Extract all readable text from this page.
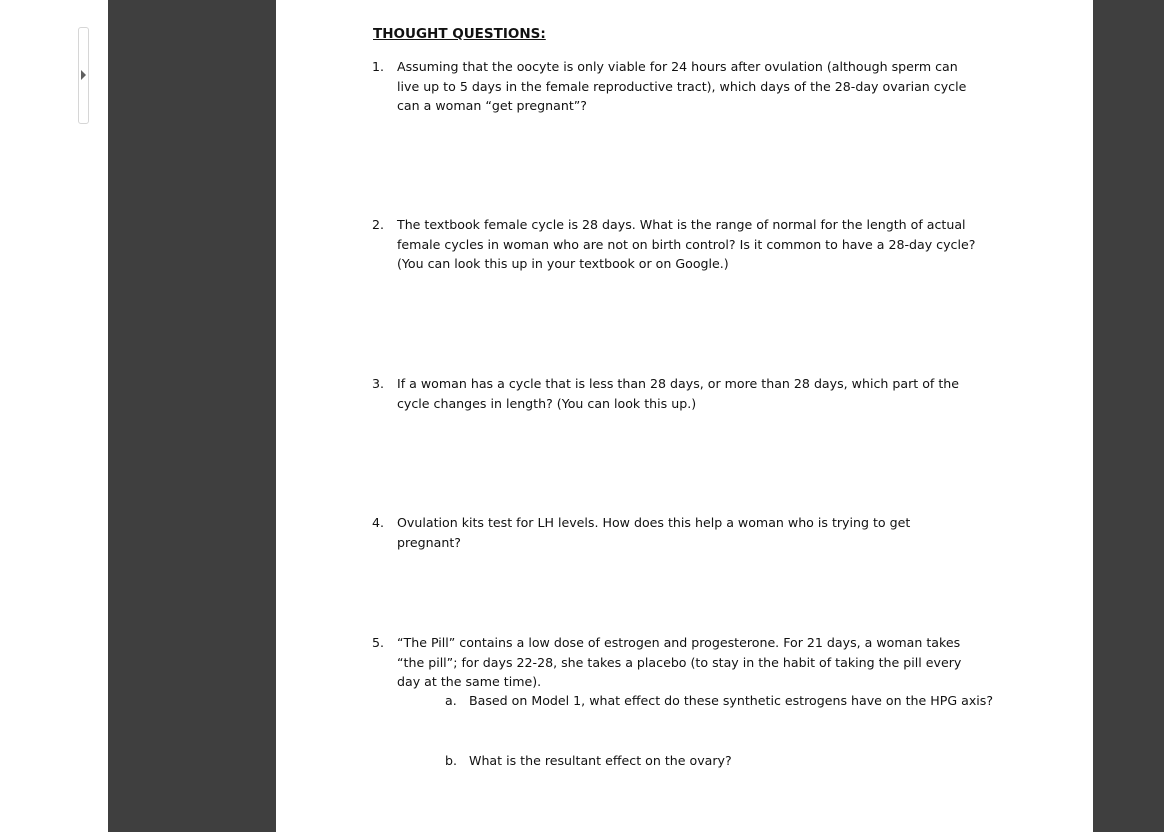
THOUGHT QUESTIONS:
1. Assuming that the oocyte is only viable for 24 hours after ovulation (although sperm can live up to 5 days in the female reproductive tract), which days of the 28-day ovarian cycle can a woman “get pregnant”?
2. The textbook female cycle is 28 days. What is the range of normal for the length of actual female cycles in woman who are not on birth control? Is it common to have a 28-day cycle? (You can look this up in your textbook or on Google.)
3. If a woman has a cycle that is less than 28 days, or more than 28 days, which part of the cycle changes in length? (You can look this up.)
4. Ovulation kits test for LH levels. How does this help a woman who is trying to get pregnant?
5. “The Pill” contains a low dose of estrogen and progesterone. For 21 days, a woman takes “the pill”; for days 22-28, she takes a placebo (to stay in the habit of taking the pill every day at the same time).
a. Based on Model 1, what effect do these synthetic estrogens have on the HPG axis?
b. What is the resultant effect on the ovary?
